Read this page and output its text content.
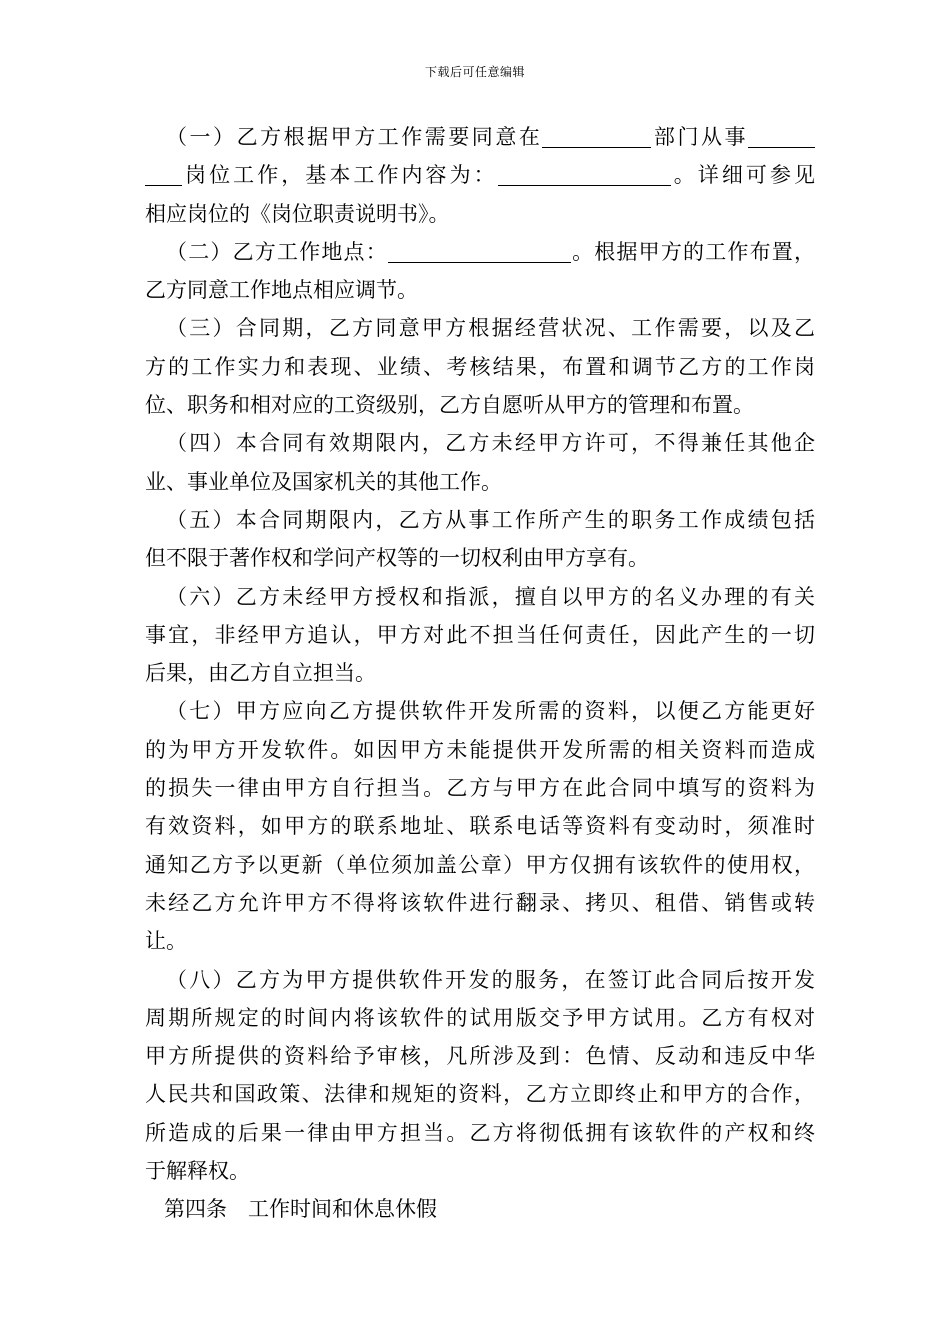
下载后可任意编辑
（一）乙方根据甲方工作需要同意在	部门从事
岗位工作，基本工作内容为：	。详细可参见
相应岗位的《岗位职责说明书》。
（二）乙方工作地点：	。根据甲方的工作布置，
乙方同意工作地点相应调节。
（三）合同期，乙方同意甲方根据经营状况、工作需要，以及乙
方的工作实力和表现、业绩、考核结果，布置和调节乙方的工作岗
位、职务和相对应的工资级别，乙方自愿听从甲方的管理和布置。
（四）本合同有效期限内，乙方未经甲方许可，不得兼任其他企
业、事业单位及国家机关的其他工作。
（五）本合同期限内，乙方从事工作所产生的职务工作成绩包括
但不限于著作权和学问产权等的一切权利由甲方享有。
（六）乙方未经甲方授权和指派，擅自以甲方的名义办理的有关
事宜，非经甲方追认，甲方对此不担当任何责任，因此产生的一切
后果，由乙方自立担当。
（七）甲方应向乙方提供软件开发所需的资料，以便乙方能更好
的为甲方开发软件。如因甲方未能提供开发所需的相关资料而造成
的损失一律由甲方自行担当。乙方与甲方在此合同中填写的资料为
有效资料，如甲方的联系地址、联系电话等资料有变动时，须准时
通知乙方予以更新（单位须加盖公章）甲方仅拥有该软件的使用权，
未经乙方允许甲方不得将该软件进行翻录、拷贝、租借、销售或转
让。
（八）乙方为甲方提供软件开发的服务，在签订此合同后按开发
周期所规定的时间内将该软件的试用版交予甲方试用。乙方有权对
甲方所提供的资料给予审核，凡所涉及到：色情、反动和违反中华
人民共和国政策、法律和规矩的资料，乙方立即终止和甲方的合作，
所造成的后果一律由甲方担当。乙方将彻低拥有该软件的产权和终
于解释权。
第四条 工作时间和休息休假
